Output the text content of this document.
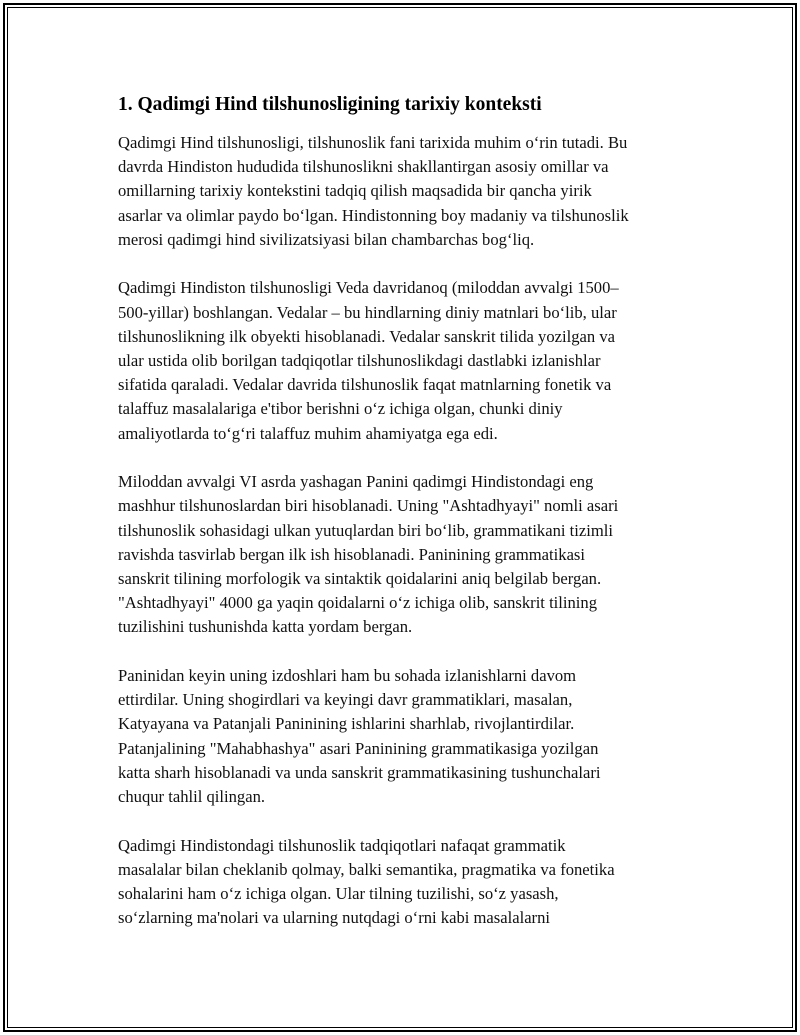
1. Qadimgi Hind tilshunosligining tarixiy konteksti

Qadimgi Hind tilshunosligi, tilshunoslik fani tarixida muhim o‘rin tutadi. Bu
davrda Hindiston hududida tilshunoslikni shakllantirgan asosiy omillar va
omillarning tarixiy kontekstini tadqiq qilish maqsadida bir qancha yirik
asarlar va olimlar paydo bo‘lgan. Hindistonning boy madaniy va tilshunoslik
merosi qadimgi hind sivilizatsiyasi bilan chambarchas bog‘liq.

Qadimgi Hindiston tilshunosligi Veda davridanoq (miloddan avvalgi 1500–
500-yillar) boshlangan. Vedalar – bu hindlarning diniy matnlari bo‘lib, ular
tilshunoslikning ilk obyekti hisoblanadi. Vedalar sanskrit tilida yozilgan va
ular ustida olib borilgan tadqiqotlar tilshunoslikdagi dastlabki izlanishlar
sifatida qaraladi. Vedalar davrida tilshunoslik faqat matnlarning fonetik va
talaffuz masalalariga e'tibor berishni o‘z ichiga olgan, chunki diniy
amaliyotlarda to‘g‘ri talaffuz muhim ahamiyatga ega edi.

Miloddan avvalgi VI asrda yashagan Panini qadimgi Hindistondagi eng
mashhur tilshunoslardan biri hisoblanadi. Uning "Ashtadhyayi" nomli asari
tilshunoslik sohasidagi ulkan yutuqlardan biri bo‘lib, grammatikani tizimli
ravishda tasvirlab bergan ilk ish hisoblanadi. Paninining grammatikasi
sanskrit tilining morfologik va sintaktik qoidalarini aniq belgilab bergan.
"Ashtadhyayi" 4000 ga yaqin qoidalarni o‘z ichiga olib, sanskrit tilining
tuzilishini tushunishda katta yordam bergan.

Paninidan keyin uning izdoshlari ham bu sohada izlanishlarni davom
ettirdilar. Uning shogirdlari va keyingi davr grammatiklari, masalan,
Katyayana va Patanjali Paninining ishlarini sharhlab, rivojlantirdilar.
Patanjalining "Mahabhashya" asari Paninining grammatikasiga yozilgan
katta sharh hisoblanadi va unda sanskrit grammatikasining tushunchalari
chuqur tahlil qilingan.

Qadimgi Hindistondagi tilshunoslik tadqiqotlari nafaqat grammatik
masalalar bilan cheklanib qolmay, balki semantika, pragmatika va fonetika
sohalarini ham o‘z ichiga olgan. Ular tilning tuzilishi, so‘z yasash,
so‘zlarning ma'nolari va ularning nutqdagi o‘rni kabi masalalarni
